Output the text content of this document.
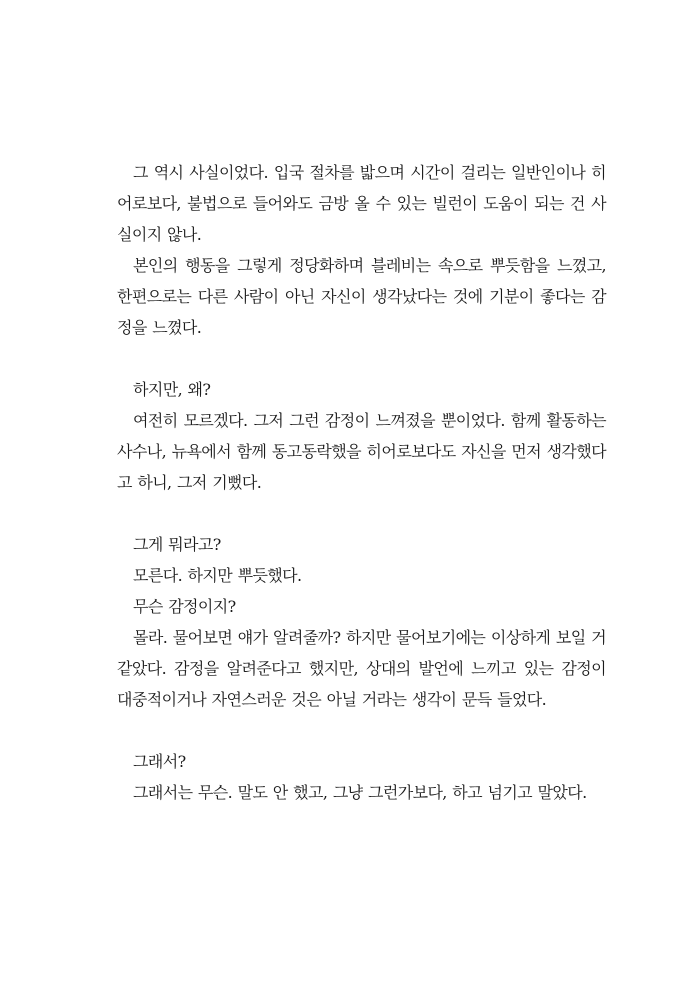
그 역시 사실이었다. 입국 절차를 밟으며 시간이 걸리는 일반인이나 히어로보다, 불법으로 들어와도 금방 올 수 있는 빌런이 도움이 되는 건 사실이지 않나.

본인의 행동을 그렇게 정당화하며 블레비는 속으로 뿌듯함을 느꼈고, 한편으로는 다른 사람이 아닌 자신이 생각났다는 것에 기분이 좋다는 감정을 느꼈다.

하지만, 왜?

여전히 모르겠다. 그저 그런 감정이 느껴졌을 뿐이었다. 함께 활동하는 사수나, 뉴욕에서 함께 동고동락했을 히어로보다도 자신을 먼저 생각했다고 하니, 그저 기뻤다.

그게 뭐라고?

모른다. 하지만 뿌듯했다.

무슨 감정이지?

몰라. 물어보면 얘가 알려줄까? 하지만 물어보기에는 이상하게 보일 거 같았다. 감정을 알려준다고 했지만, 상대의 발언에 느끼고 있는 감정이 대중적이거나 자연스러운 것은 아닐 거라는 생각이 문득 들었다.

그래서?

그래서는 무슨. 말도 안 했고, 그냥 그런가보다, 하고 넘기고 말았다.
